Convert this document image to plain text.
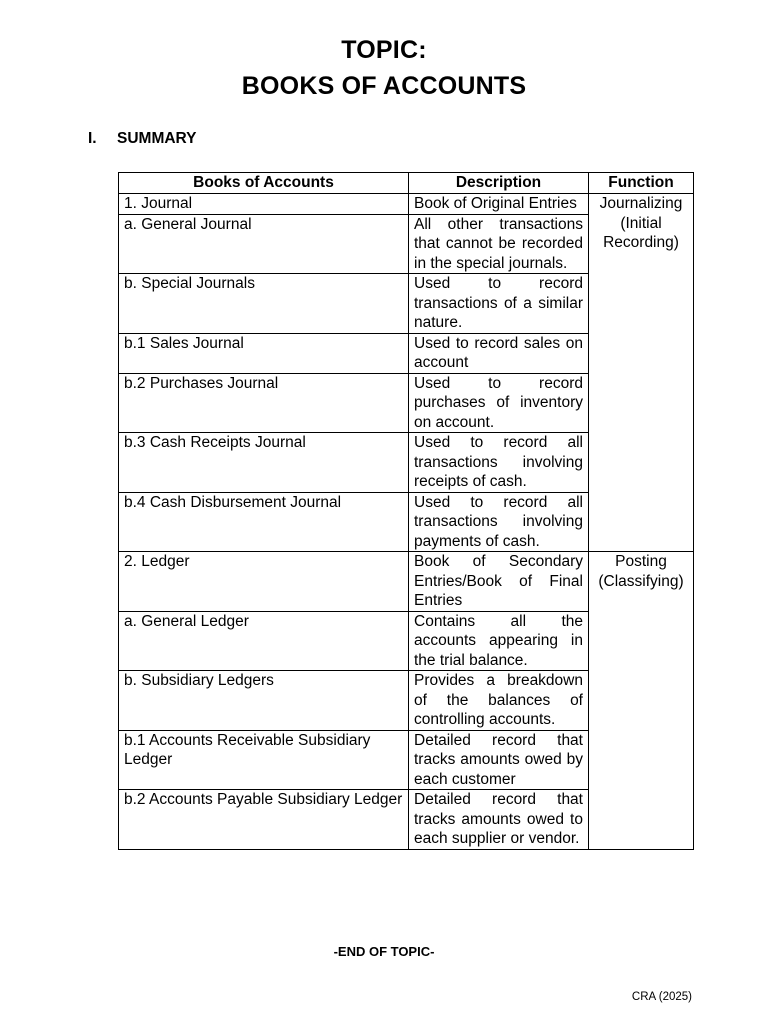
TOPIC:
BOOKS OF ACCOUNTS
I. SUMMARY
Books of Accounts	Description	Function
1. Journal	Book of Original Entries	Journalizing (Initial Recording)
a. General Journal	All other transactions that cannot be recorded in the special journals.	
b. Special Journals	Used to record transactions of a similar nature.	
b.1 Sales Journal	Used to record sales on account	
b.2 Purchases Journal	Used to record purchases of inventory on account.	
b.3 Cash Receipts Journal	Used to record all transactions involving receipts of cash.	
b.4 Cash Disbursement Journal	Used to record all transactions involving payments of cash.	
2. Ledger	Book of Secondary Entries/Book of Final Entries	Posting (Classifying)
a. General Ledger	Contains all the accounts appearing in the trial balance.	
b. Subsidiary Ledgers	Provides a breakdown of the balances of controlling accounts.	
b.1 Accounts Receivable Subsidiary Ledger	Detailed record that tracks amounts owed by each customer	
b.2 Accounts Payable Subsidiary Ledger	Detailed record that tracks amounts owed to each supplier or vendor.	
-END OF TOPIC-
CRA (2025)
